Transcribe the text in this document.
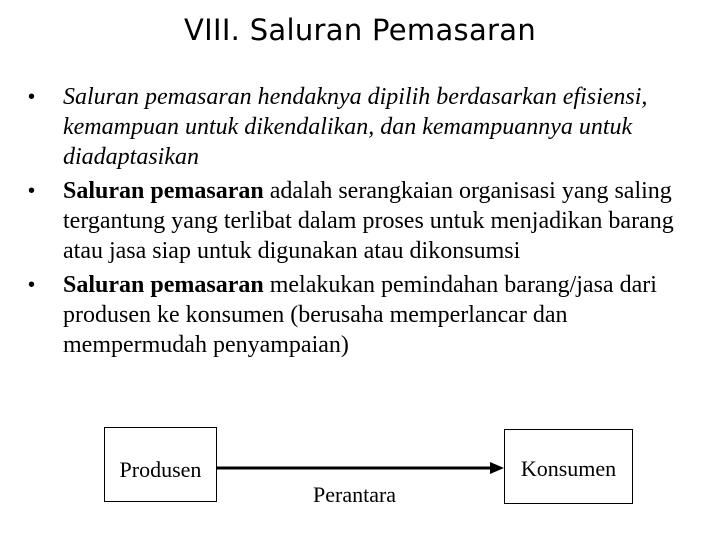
VIII. Saluran Pemasaran
•	Saluran pemasaran hendaknya dipilih berdasarkan efisiensi, kemampuan untuk dikendalikan, dan kemampuannya untuk diadaptasikan
•	Saluran pemasaran adalah serangkaian organisasi yang saling tergantung yang terlibat dalam proses untuk menjadikan barang atau jasa siap untuk digunakan atau dikonsumsi
•	Saluran pemasaran melakukan pemindahan barang/jasa dari produsen ke konsumen (berusaha memperlancar dan mempermudah penyampaian)
Produsen	Konsumen
Perantara
